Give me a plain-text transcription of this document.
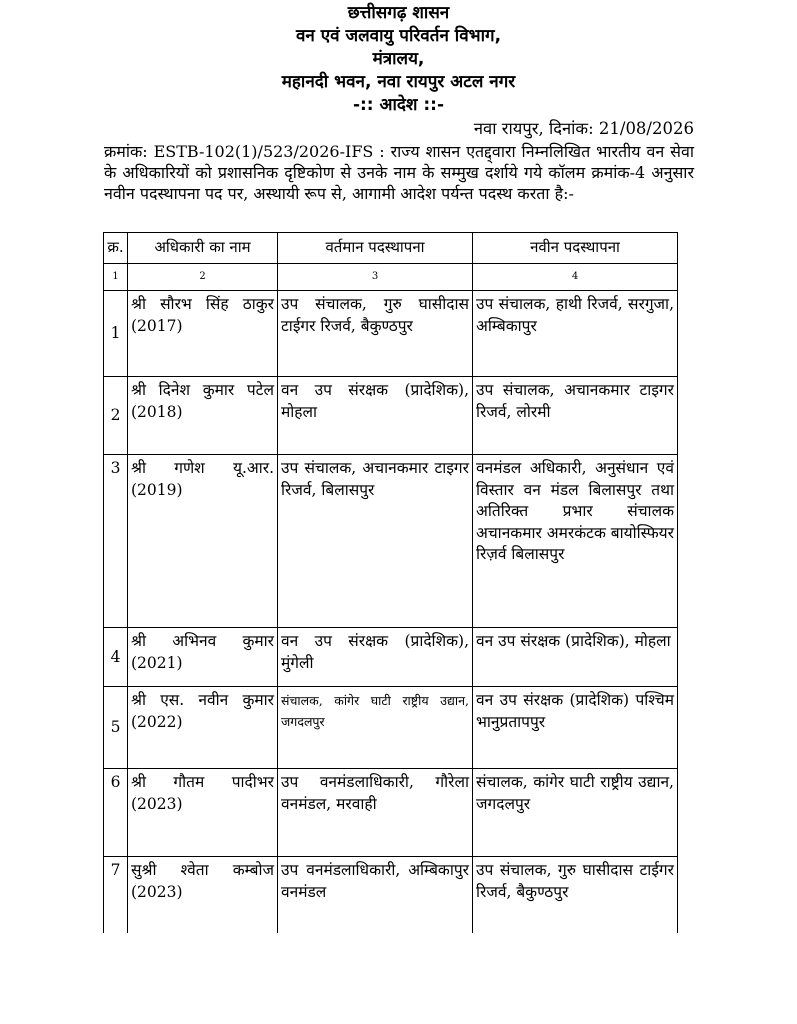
छत्तीसगढ़ शासन
वन एवं जलवायु परिवर्तन विभाग,
मंत्रालय,
महानदी भवन, नवा रायपुर अटल नगर
-:: आदेश ::-
नवा रायपुर, दिनांक: 21/08/2026
क्रमांक: ESTB-102(1)/523/2026-IFS : राज्य शासन एतद्द्वारा निम्नलिखित भारतीय वन सेवा के अधिकारियों को प्रशासनिक दृष्टिकोण से उनके नाम के सम्मुख दर्शाये गये कॉलम क्रमांक-4 अनुसार नवीन पदस्थापना पद पर, अस्थायी रूप से, आगामी आदेश पर्यन्त पदस्थ करता है:-
क्र.	अधिकारी का नाम	वर्तमान पदस्थापना	नवीन पदस्थापना
1	2	3	4
1	श्री सौरभ सिंह ठाकुर (2017)	उप संचालक, गुरु घासीदास टाईगर रिजर्व, बैकुण्ठपुर	उप संचालक, हाथी रिजर्व, सरगुजा, अम्बिकापुर
2	श्री दिनेश कुमार पटेल (2018)	वन उप संरक्षक (प्रादेशिक), मोहला	उप संचालक, अचानकमार टाइगर रिजर्व, लोरमी
3	श्री गणेश यू.आर. (2019)	उप संचालक, अचानकमार टाइगर रिजर्व, बिलासपुर	वनमंडल अधिकारी, अनुसंधान एवं विस्तार वन मंडल बिलासपुर तथा अतिरिक्त प्रभार संचालक अचानकमार अमरकंटक बायोस्फियर रिज़र्व बिलासपुर
4	श्री अभिनव कुमार (2021)	वन उप संरक्षक (प्रादेशिक), मुंगेली	वन उप संरक्षक (प्रादेशिक), मोहला
5	श्री एस. नवीन कुमार (2022)	संचालक, कांगेर घाटी राष्ट्रीय उद्यान, जगदलपुर	वन उप संरक्षक (प्रादेशिक) पश्चिम भानुप्रतापपुर
6	श्री गौतम पादीभर (2023)	उप वनमंडलाधिकारी, गौरेला वनमंडल, मरवाही	संचालक, कांगेर घाटी राष्ट्रीय उद्यान, जगदलपुर
7	सुश्री श्वेता कम्बोज (2023)	उप वनमंडलाधिकारी, अम्बिकापुर वनमंडल	उप संचालक, गुरु घासीदास टाईगर रिजर्व, बैकुण्ठपुर
